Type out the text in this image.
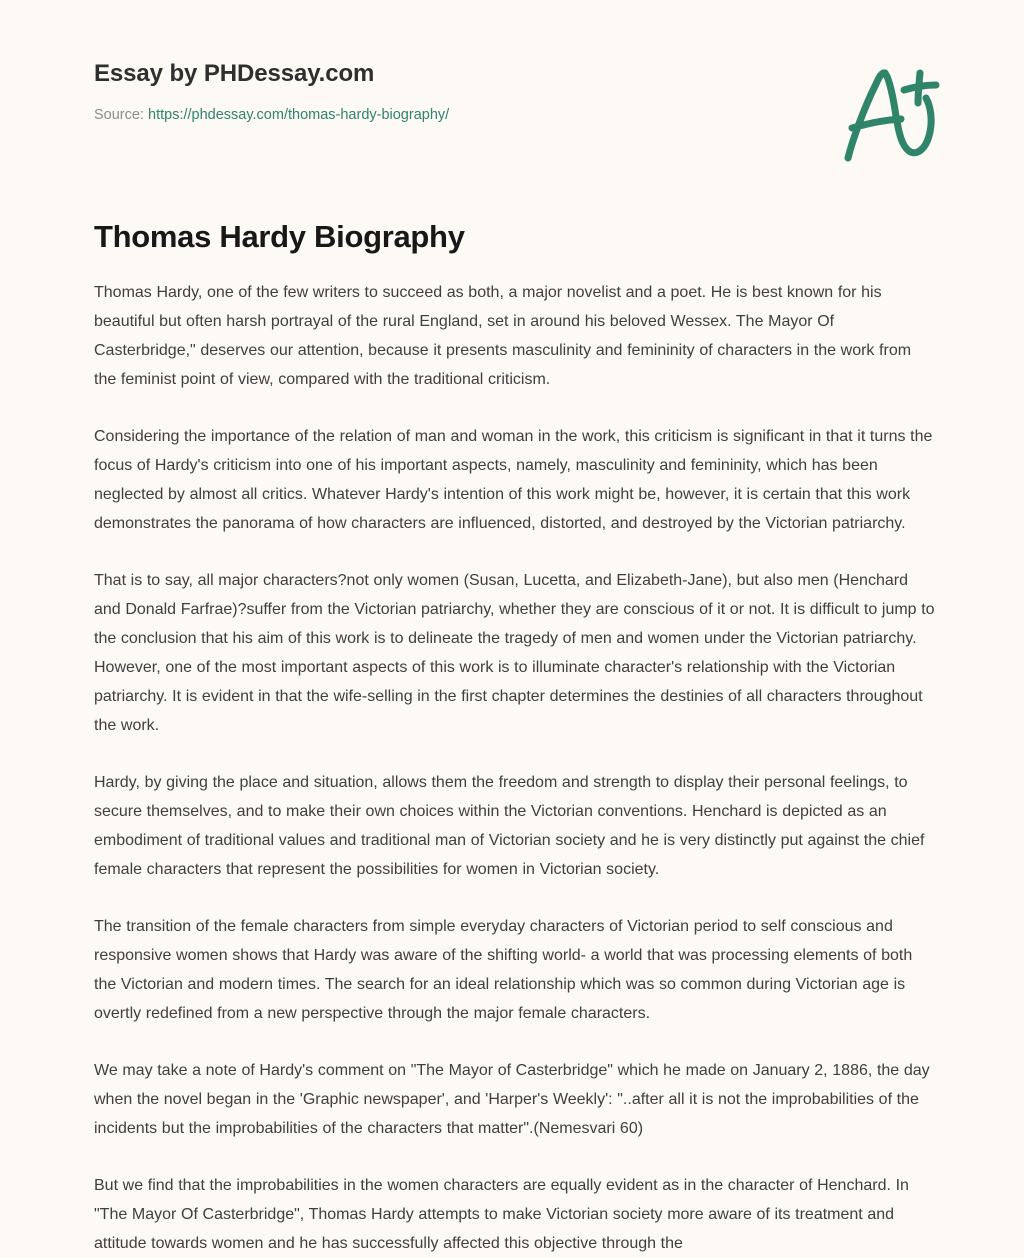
Essay by PHDessay.com
Source: https://phdessay.com/thomas-hardy-biography/
Thomas Hardy Biography

Thomas Hardy, one of the few writers to succeed as both, a major novelist and a poet. He is best known for his beautiful but often harsh portrayal of the rural England, set in around his beloved Wessex. The Mayor Of Casterbridge," deserves our attention, because it presents masculinity and femininity of characters in the work from the feminist point of view, compared with the traditional criticism.

Considering the importance of the relation of man and woman in the work, this criticism is significant in that it turns the focus of Hardy's criticism into one of his important aspects, namely, masculinity and femininity, which has been neglected by almost all critics. Whatever Hardy's intention of this work might be, however, it is certain that this work demonstrates the panorama of how characters are influenced, distorted, and destroyed by the Victorian patriarchy.

That is to say, all major characters?not only women (Susan, Lucetta, and Elizabeth-Jane), but also men (Henchard and Donald Farfrae)?suffer from the Victorian patriarchy, whether they are conscious of it or not. It is difficult to jump to the conclusion that his aim of this work is to delineate the tragedy of men and women under the Victorian patriarchy. However, one of the most important aspects of this work is to illuminate character's relationship with the Victorian patriarchy. It is evident in that the wife-selling in the first chapter determines the destinies of all characters throughout the work.

Hardy, by giving the place and situation, allows them the freedom and strength to display their personal feelings, to secure themselves, and to make their own choices within the Victorian conventions. Henchard is depicted as an embodiment of traditional values and traditional man of Victorian society and he is very distinctly put against the chief female characters that represent the possibilities for women in Victorian society.

The transition of the female characters from simple everyday characters of Victorian period to self conscious and responsive women shows that Hardy was aware of the shifting world- a world that was processing elements of both the Victorian and modern times. The search for an ideal relationship which was so common during Victorian age is overtly redefined from a new perspective through the major female characters.

We may take a note of Hardy's comment on "The Mayor of Casterbridge" which he made on January 2, 1886, the day when the novel began in the 'Graphic newspaper', and 'Harper's Weekly': "..after all it is not the improbabilities of the incidents but the improbabilities of the characters that matter".(Nemesvari 60)

But we find that the improbabilities in the women characters are equally evident as in the character of Henchard. In "The Mayor Of Casterbridge", Thomas Hardy attempts to make Victorian society more aware of its treatment and attitude towards women and he has successfully affected this objective through the
